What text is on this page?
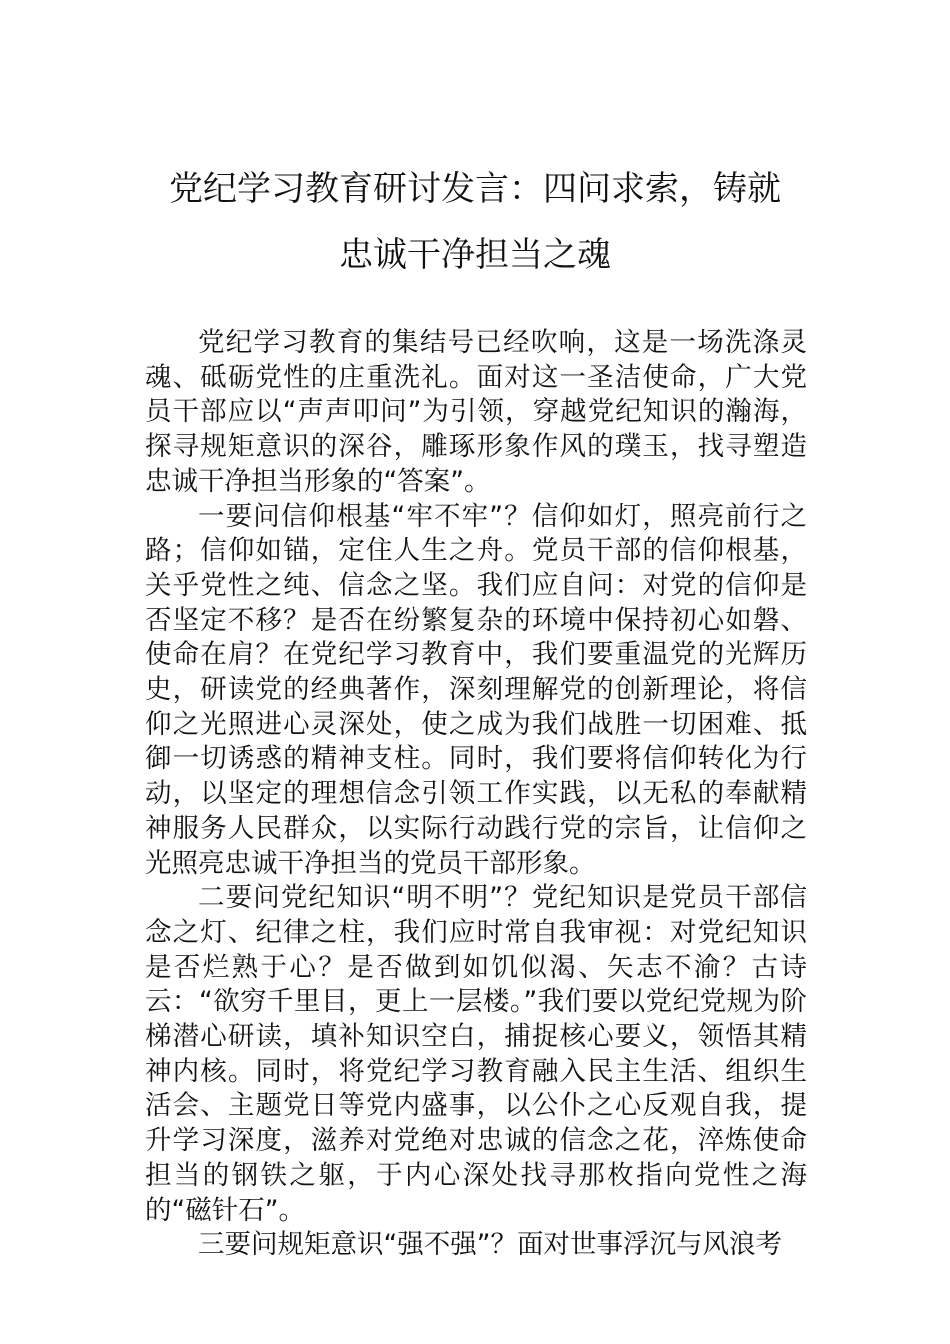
党纪学习教育研讨发言：四问求索，铸就
忠诚干净担当之魂

党纪学习教育的集结号已经吹响，这是一场洗涤灵魂、砥砺党性的庄重洗礼。面对这一圣洁使命，广大党员干部应以“声声叩问”为引领，穿越党纪知识的瀚海，探寻规矩意识的深谷，雕琢形象作风的璞玉，找寻塑造忠诚干净担当形象的“答案”。

一要问信仰根基“牢不牢”？信仰如灯，照亮前行之路；信仰如锚，定住人生之舟。党员干部的信仰根基，关乎党性之纯、信念之坚。我们应自问：对党的信仰是否坚定不移？是否在纷繁复杂的环境中保持初心如磐、使命在肩？在党纪学习教育中，我们要重温党的光辉历史，研读党的经典著作，深刻理解党的创新理论，将信仰之光照进心灵深处，使之成为我们战胜一切困难、抵御一切诱惑的精神支柱。同时，我们要将信仰转化为行动，以坚定的理想信念引领工作实践，以无私的奉献精神服务人民群众，以实际行动践行党的宗旨，让信仰之光照亮忠诚干净担当的党员干部形象。

二要问党纪知识“明不明”？党纪知识是党员干部信念之灯、纪律之柱，我们应时常自我审视：对党纪知识是否烂熟于心？是否做到如饥似渴、矢志不渝？古诗云：“欲穷千里目，更上一层楼。”我们要以党纪党规为阶梯潜心研读，填补知识空白，捕捉核心要义，领悟其精神内核。同时，将党纪学习教育融入民主生活、组织生活会、主题党日等党内盛事，以公仆之心反观自我，提升学习深度，滋养对党绝对忠诚的信念之花，淬炼使命担当的钢铁之躯，于内心深处找寻那枚指向党性之海的“磁针石”。

三要问规矩意识“强不强”？面对世事浮沉与风浪考
